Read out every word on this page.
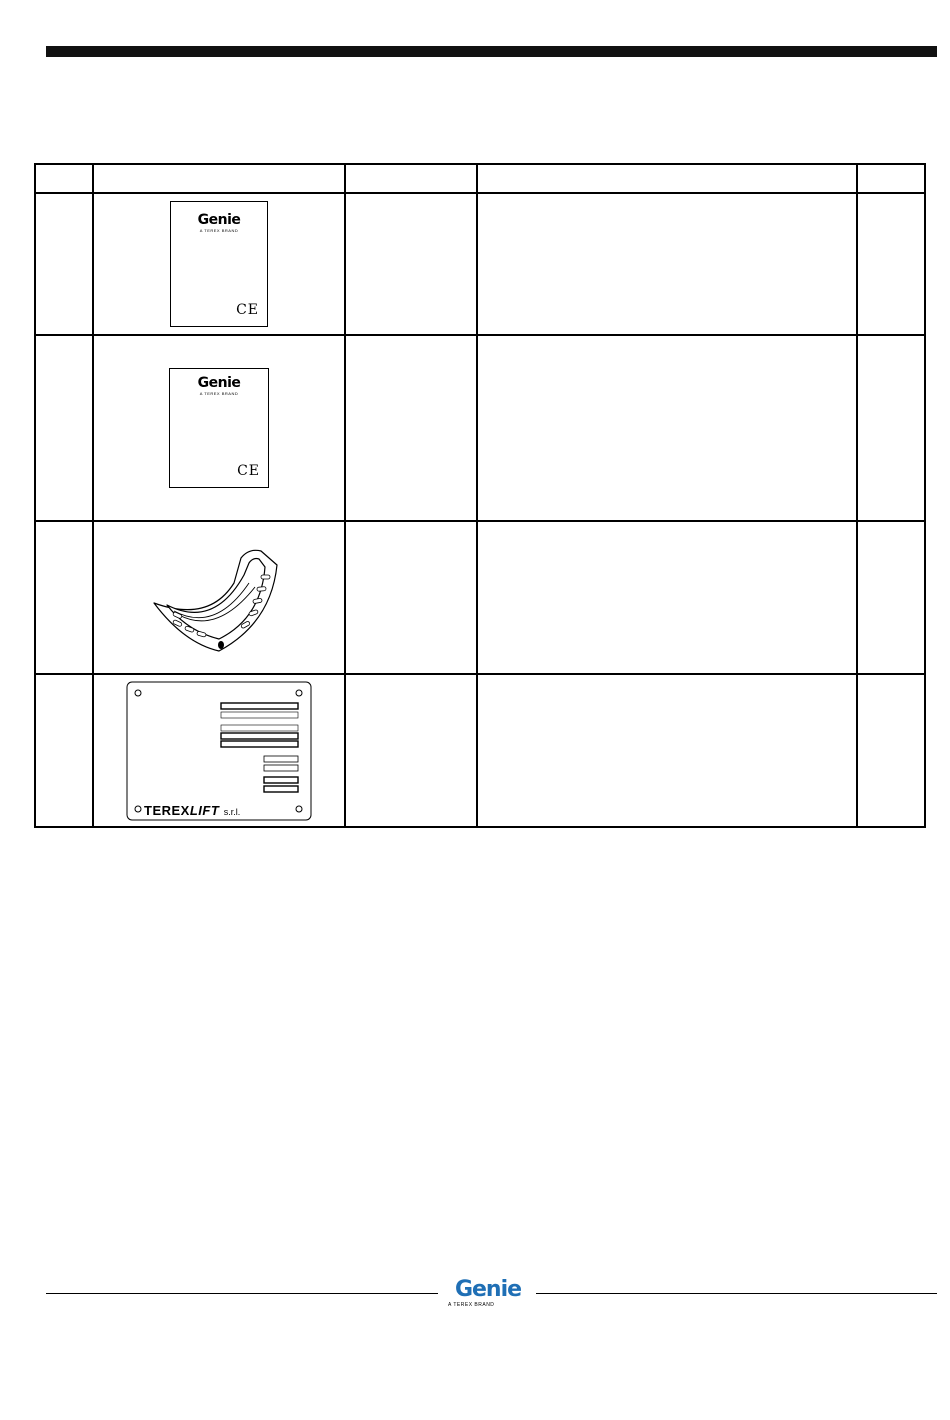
	Genie
A TEREX BRAND
CE			

	Genie
A TEREX BRAND
CE			

	TEREXLIFT s.r.l.			

Genie
A TEREX BRAND
